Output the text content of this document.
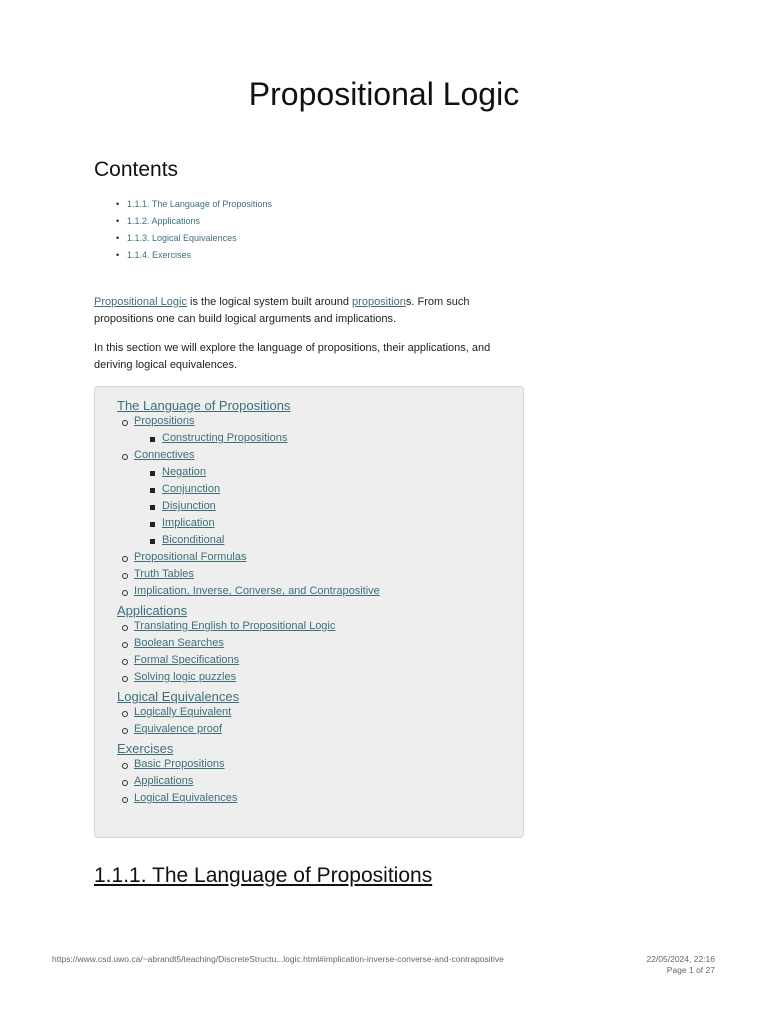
Propositional Logic
Contents
• 1.1.1. The Language of Propositions
• 1.1.2. Applications
• 1.1.3. Logical Equivalences
• 1.1.4. Exercises

Propositional Logic is the logical system built around propositions. From such propositions one can build logical arguments and implications.

In this section we will explore the language of propositions, their applications, and deriving logical equivalences.

The Language of Propositions
Propositions
Constructing Propositions
Connectives
Negation
Conjunction
Disjunction
Implication
Biconditional
Propositional Formulas
Truth Tables
Implication, Inverse, Converse, and Contrapositive
Applications
Translating English to Propositional Logic
Boolean Searches
Formal Specifications
Solving logic puzzles
Logical Equivalences
Logically Equivalent
Equivalence proof
Exercises
Basic Propositions
Applications
Logical Equivalences
1.1.1. The Language of Propositions
https://www.csd.uwo.ca/~abrandt5/teaching/DiscreteStructu...logic.html#implication-inverse-converse-and-contrapositive	22/05/2024, 22:16
Page 1 of 27
